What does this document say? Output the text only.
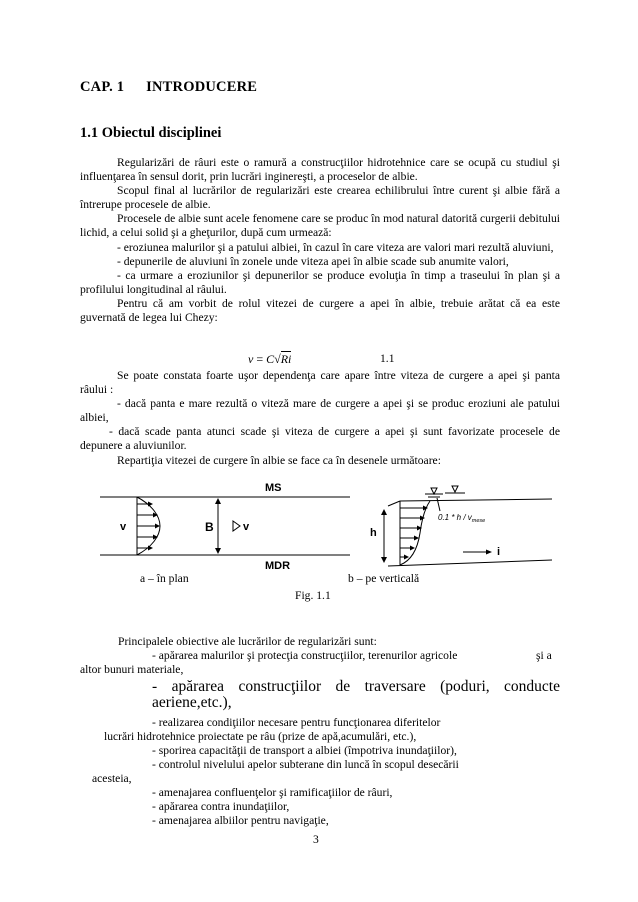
CAP. 1 INTRODUCERE
1.1 Obiectul disciplinei

Regularizări de râuri este o ramură a construcţiilor hidrotehnice care se ocupă cu studiul şi influenţarea în sensul dorit, prin lucrări inginereşti, a proceselor de albie.

Scopul final al lucrărilor de regularizări este crearea echilibrului între curent şi albie fără a întrerupe procesele de albie.

Procesele de albie sunt acele fenomene care se produc în mod natural datorită curgerii debitului lichid, a celui solid şi a gheţurilor, după cum urmează:

- eroziunea malurilor şi a patului albiei, în cazul în care viteza are valori mari rezultă aluviuni,

- depunerile de aluviuni în zonele unde viteza apei în albie scade sub anumite valori,

- ca urmare a eroziunilor şi depunerilor se produce evoluţia în timp a traseului în plan şi a profilului longitudinal al râului.

Pentru că am vorbit de rolul vitezei de curgere a apei în albie, trebuie arătat că ea este guvernată de legea lui Chezy:

v = C√Ri	1.1

Se poate constata foarte uşor dependenţa care apare între viteza de curgere a apei şi panta râului :

- dacă panta e mare rezultă o viteză mare de curgere a apei şi se produc eroziuni ale patului albiei,

- dacă scade panta atunci scade şi viteza de curgere a apei şi sunt favorizate procesele de depunere a aluviunilor.

Repartiţia vitezei de curgere în albie se face ca în desenele următoare:

MS
MDR
v	B	v
0.1 * h / $v_{mese}$
h
i
a – în plan	b – pe verticală
Fig. 1.1
Principalele obiective ale lucrărilor de regularizări sunt:
- apărarea malurilor şi protecţia construcţiilor, terenurilor agricole	şi a
altor bunuri materiale,
- apărarea construcţiilor de traversare (poduri, conducte
aeriene,etc.),
- realizarea condiţiilor necesare pentru funcţionarea diferitelor
lucrări hidrotehnice proiectate pe râu (prize de apă,acumulări, etc.),
- sporirea capacităţii de transport a albiei (împotriva inundaţiilor),
- controlul nivelului apelor subterane din luncă în scopul desecării
acesteia,
- amenajarea confluenţelor şi ramificaţiilor de râuri,
- apărarea contra inundaţiilor,
- amenajarea albiilor pentru navigaţie,
3
